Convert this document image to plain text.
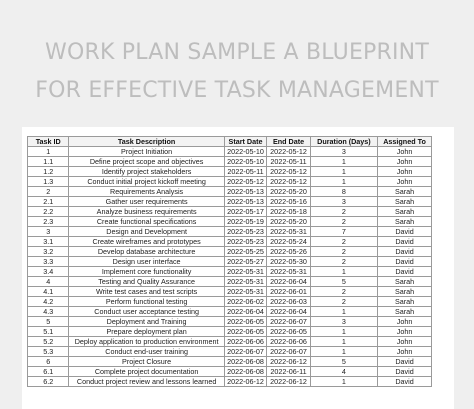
WORK PLAN SAMPLE A BLUEPRINT
FOR EFFECTIVE TASK MANAGEMENT
Task ID	Task Description	Start Date	End Date	Duration (Days)	Assigned To
1	Project Initiation	2022-05-10	2022-05-12	3	John
1.1	Define project scope and objectives	2022-05-10	2022-05-11	1	John
1.2	Identify project stakeholders	2022-05-11	2022-05-12	1	John
1.3	Conduct initial project kickoff meeting	2022-05-12	2022-05-12	1	John
2	Requirements Analysis	2022-05-13	2022-05-20	8	Sarah
2.1	Gather user requirements	2022-05-13	2022-05-16	3	Sarah
2.2	Analyze business requirements	2022-05-17	2022-05-18	2	Sarah
2.3	Create functional specifications	2022-05-19	2022-05-20	2	Sarah
3	Design and Development	2022-05-23	2022-05-31	7	David
3.1	Create wireframes and prototypes	2022-05-23	2022-05-24	2	David
3.2	Develop database architecture	2022-05-25	2022-05-26	2	David
3.3	Design user interface	2022-05-27	2022-05-30	2	David
3.4	Implement core functionality	2022-05-31	2022-05-31	1	David
4	Testing and Quality Assurance	2022-05-31	2022-06-04	5	Sarah
4.1	Write test cases and test scripts	2022-05-31	2022-06-01	2	Sarah
4.2	Perform functional testing	2022-06-02	2022-06-03	2	Sarah
4.3	Conduct user acceptance testing	2022-06-04	2022-06-04	1	Sarah
5	Deployment and Training	2022-06-05	2022-06-07	3	John
5.1	Prepare deployment plan	2022-06-05	2022-06-05	1	John
5.2	Deploy application to production environment	2022-06-06	2022-06-06	1	John
5.3	Conduct end-user training	2022-06-07	2022-06-07	1	John
6	Project Closure	2022-06-08	2022-06-12	5	David
6.1	Complete project documentation	2022-06-08	2022-06-11	4	David
6.2	Conduct project review and lessons learned	2022-06-12	2022-06-12	1	David
